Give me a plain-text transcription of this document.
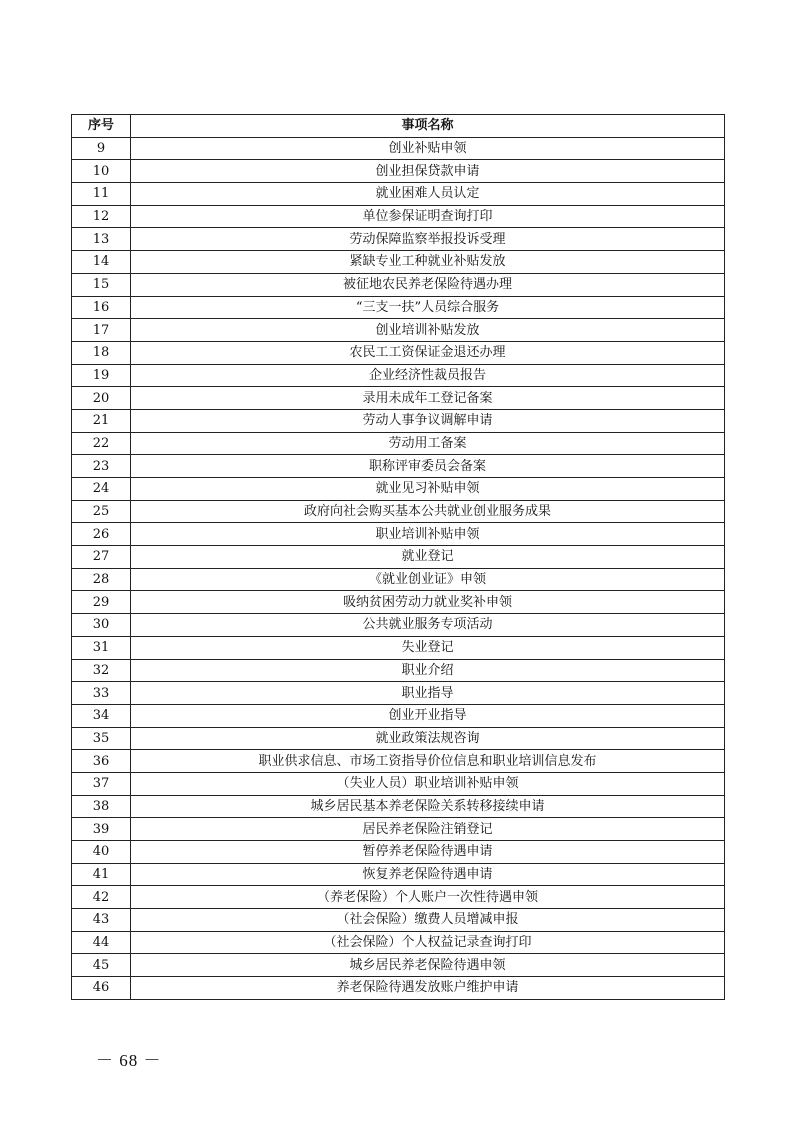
序号	事项名称
9	创业补贴申领
10	创业担保贷款申请
11	就业困难人员认定
12	单位参保证明查询打印
13	劳动保障监察举报投诉受理
14	紧缺专业工种就业补贴发放
15	被征地农民养老保险待遇办理
16	“三支一扶”人员综合服务
17	创业培训补贴发放
18	农民工工资保证金退还办理
19	企业经济性裁员报告
20	录用未成年工登记备案
21	劳动人事争议调解申请
22	劳动用工备案
23	职称评审委员会备案
24	就业见习补贴申领
25	政府向社会购买基本公共就业创业服务成果
26	职业培训补贴申领
27	就业登记
28	《就业创业证》申领
29	吸纳贫困劳动力就业奖补申领
30	公共就业服务专项活动
31	失业登记
32	职业介绍
33	职业指导
34	创业开业指导
35	就业政策法规咨询
36	职业供求信息、市场工资指导价位信息和职业培训信息发布
37	（失业人员）职业培训补贴申领
38	城乡居民基本养老保险关系转移接续申请
39	居民养老保险注销登记
40	暂停养老保险待遇申请
41	恢复养老保险待遇申请
42	（养老保险）个人账户一次性待遇申领
43	（社会保险）缴费人员增减申报
44	（社会保险）个人权益记录查询打印
45	城乡居民养老保险待遇申领
46	养老保险待遇发放账户维护申请
－ 68 －
